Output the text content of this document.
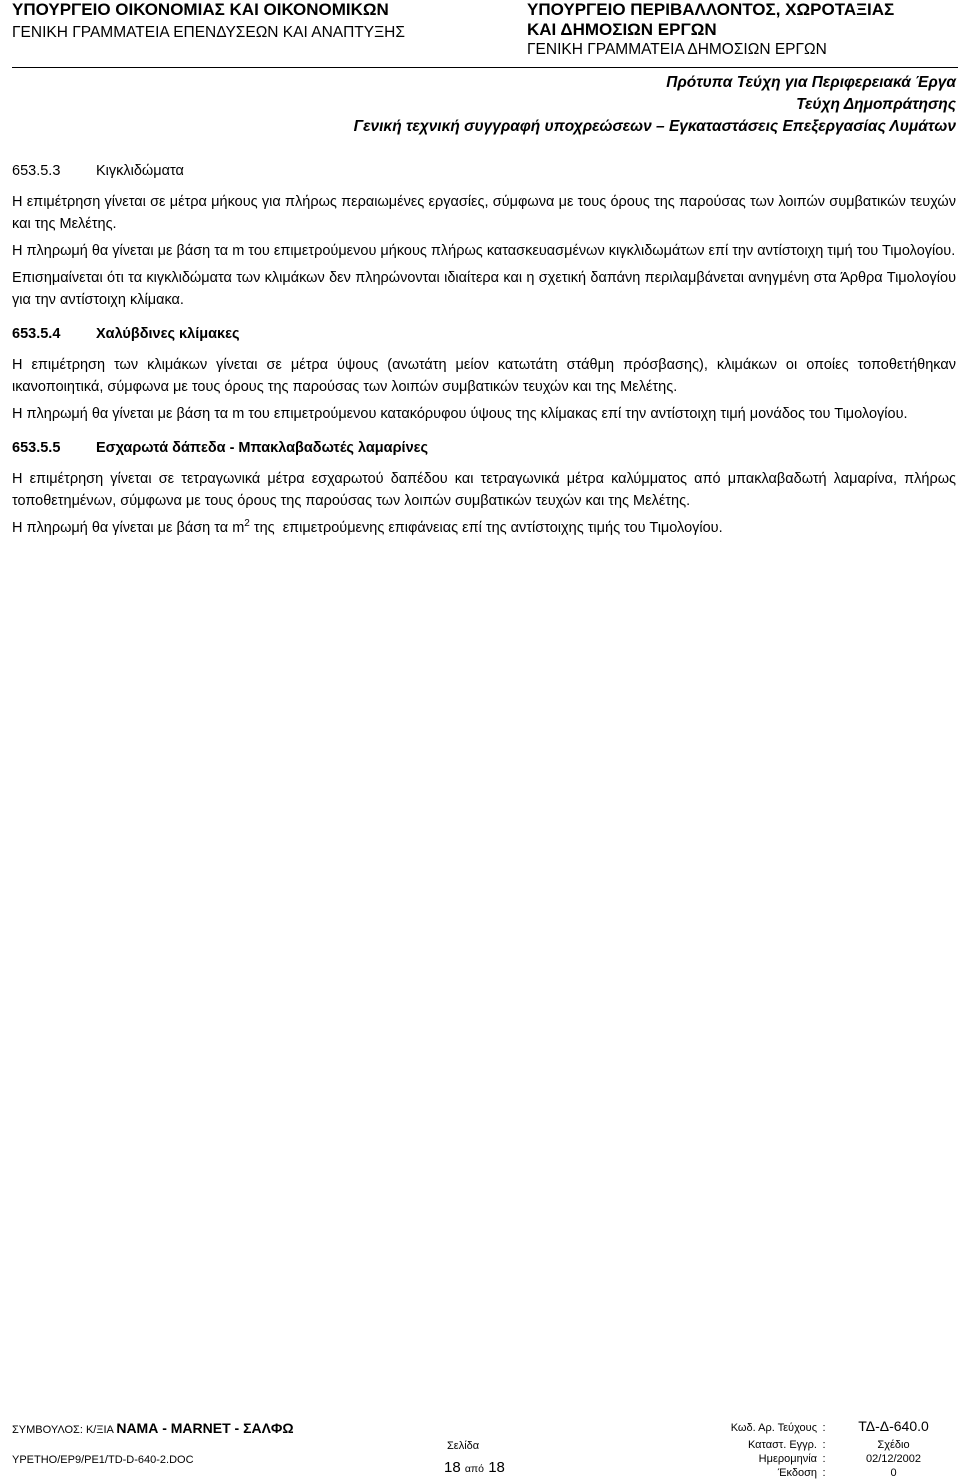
ΥΠΟΥΡΓΕΙΟ ΟΙΚΟΝΟΜΙΑΣ ΚΑΙ ΟΙΚΟΝΟΜΙΚΩΝ
ΓΕΝΙΚΗ ΓΡΑΜΜΑΤΕΙΑ ΕΠΕΝΔΥΣΕΩΝ ΚΑΙ ΑΝΑΠΤΥΞΗΣ
ΥΠΟΥΡΓΕΙΟ ΠΕΡΙΒΑΛΛΟΝΤΟΣ, ΧΩΡΟΤΑΞΙΑΣ
ΚΑΙ ΔΗΜΟΣΙΩΝ ΕΡΓΩΝ
ΓΕΝΙΚΗ ΓΡΑΜΜΑΤΕΙΑ ΔΗΜΟΣΙΩΝ ΕΡΓΩΝ
Πρότυπα Τεύχη για Περιφερειακά Έργα
Τεύχη Δημοπράτησης
Γενική τεχνική συγγραφή υποχρεώσεων – Εγκαταστάσεις Επεξεργασίας Λυμάτων
653.5.3 Κιγκλιδώματα

Η επιμέτρηση γίνεται σε μέτρα μήκους για πλήρως περαιωμένες εργασίες, σύμφωνα με τους όρους της παρούσας των λοιπών συμβατικών τευχών και της Μελέτης.

Η πληρωμή θα γίνεται με βάση τα m του επιμετρούμενου μήκους πλήρως κατασκευασμένων κιγκλιδωμάτων επί την αντίστοιχη τιμή του Τιμολογίου.

Επισημαίνεται ότι τα κιγκλιδώματα των κλιμάκων δεν πληρώνονται ιδιαίτερα και η σχετική δαπάνη περιλαμβάνεται ανηγμένη στα Άρθρα Τιμολογίου για την αντίστοιχη κλίμακα.

653.5.4 Χαλύβδινες κλίμακες

Η επιμέτρηση των κλιμάκων γίνεται σε μέτρα ύψους (ανωτάτη μείον κατωτάτη στάθμη πρόσβασης), κλιμάκων οι οποίες τοποθετήθηκαν ικανοποιητικά, σύμφωνα με τους όρους της παρούσας των λοιπών συμβατικών τευχών και της Μελέτης.

Η πληρωμή θα γίνεται με βάση τα m του επιμετρούμενου κατακόρυφου ύψους της κλίμακας επί την αντίστοιχη τιμή μονάδος του Τιμολογίου.

653.5.5 Εσχαρωτά δάπεδα - Μπακλαβαδωτές λαμαρίνες

Η επιμέτρηση γίνεται σε τετραγωνικά μέτρα εσχαρωτού δαπέδου και τετραγωνικά μέτρα καλύμματος από μπακλαβαδωτή λαμαρίνα, πλήρως τοποθετημένων, σύμφωνα με τους όρους της παρούσας των λοιπών συμβατικών τευχών και της Μελέτης.

Η πληρωμή θα γίνεται με βάση τα $m^2$ της  επιμετρούμενης επιφάνειας επί της αντίστοιχης τιμής του Τιμολογίου.

ΣΥΜΒΟΥΛΟΣ: Κ/ΞΙΑ ΝΑΜΑ - MARNET - ΣΑΛΦΩ
ΥΡΕΤΗΟ/ΕΡ9/ΡΕ1/TD-D-640-2.DOC
Σελίδα
18 από 18
Κωδ. Αρ. Τεύχους :	ΤΔ-Δ-640.0
Καταστ. Εγγρ. :	Σχέδιο
Ημερομηνία :	02/12/2002
Έκδοση :	0
